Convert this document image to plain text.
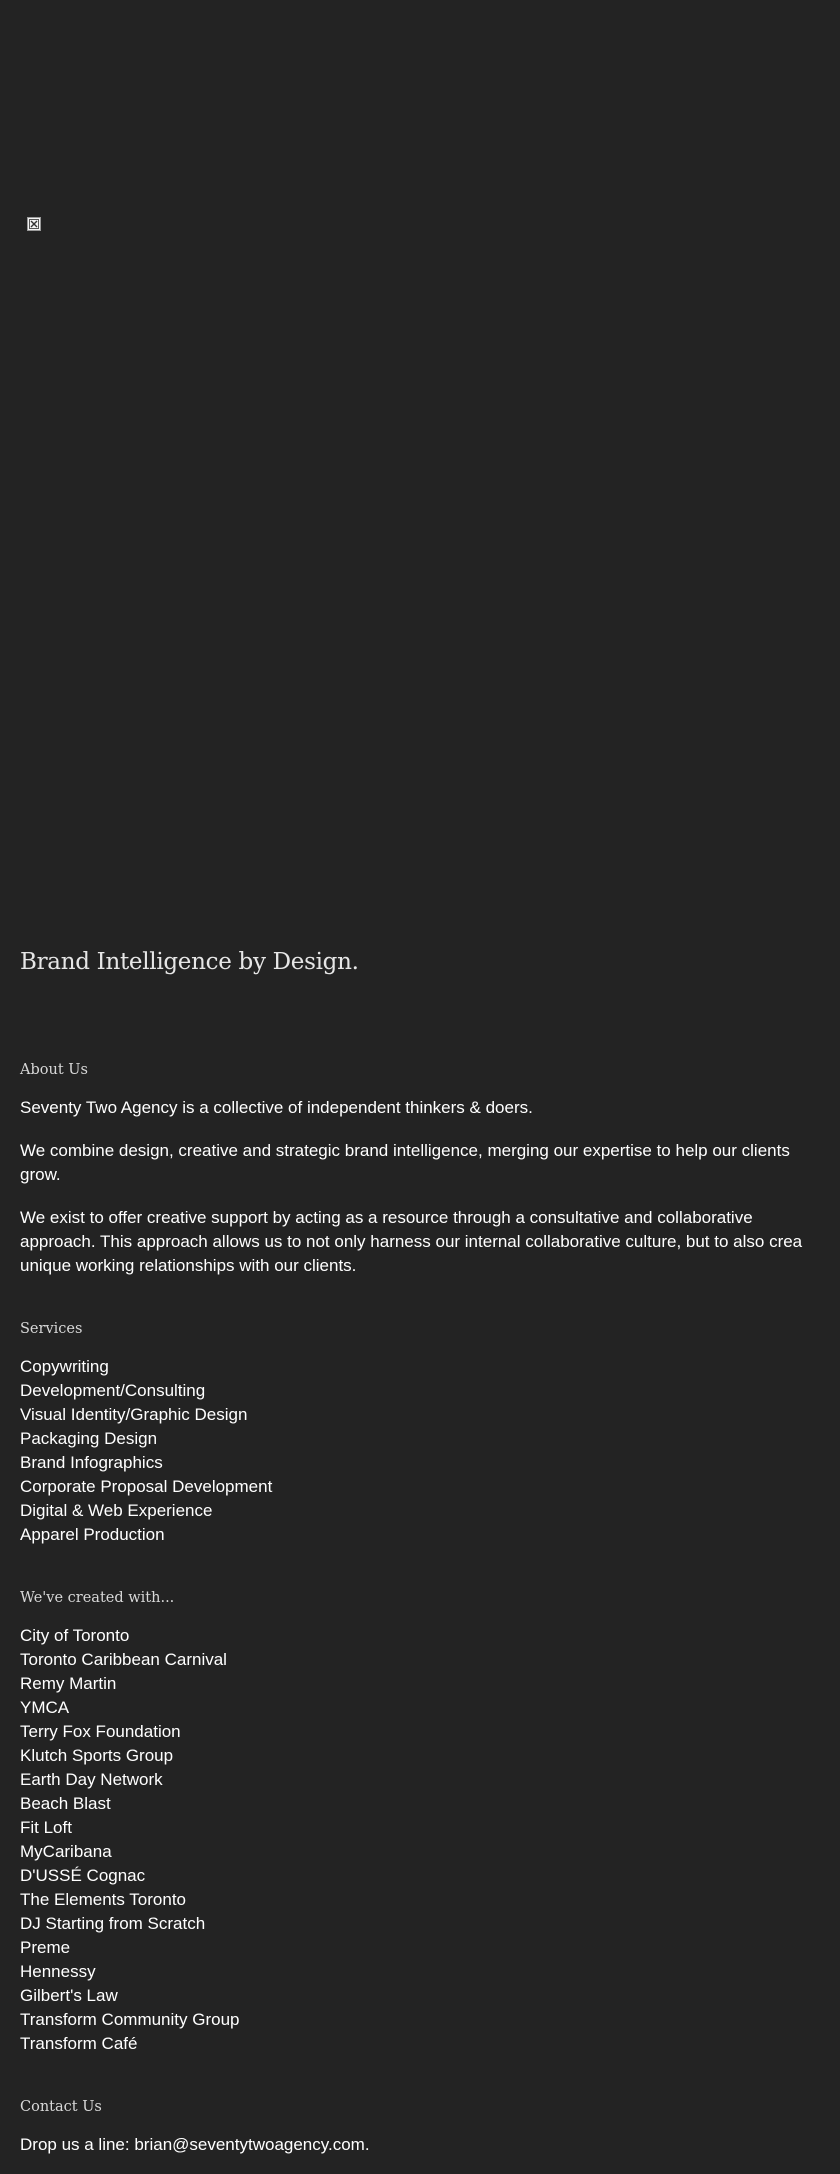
Brand Intelligence by Design.
About Us

Seventy Two Agency is a collective of independent thinkers & doers.

We combine design, creative and strategic brand intelligence, merging our expertise to help our clients

grow.

We exist to offer creative support by acting as a resource through a consultative and collaborative

approach. This approach allows us to not only harness our internal collaborative culture, but to also crea

unique working relationships with our clients.

Services
Copywriting
Development/Consulting
Visual Identity/Graphic Design
Packaging Design
Brand Infographics
Corporate Proposal Development
Digital & Web Experience
Apparel Production
We've created with...
City of Toronto
Toronto Caribbean Carnival
Remy Martin
YMCA
Terry Fox Foundation
Klutch Sports Group
Earth Day Network
Beach Blast
Fit Loft
MyCaribana
D'USSÉ Cognac
The Elements Toronto
DJ Starting from Scratch
Preme
Hennessy
Gilbert's Law
Transform Community Group
Transform Café
Contact Us

Drop us a line: brian@seventytwoagency.com.
